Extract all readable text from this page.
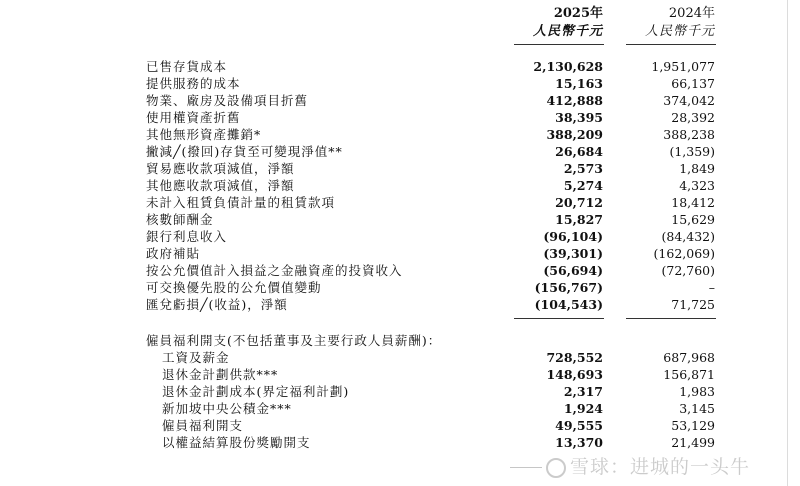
2025年	2024年
人民幣千元	人民幣千元
已售存貨成本	2,130,628	1,951,077
提供服務的成本	15,163	66,137
物業、廠房及設備項目折舊	412,888	374,042
使用權資產折舊	38,395	28,392
其他無形資產攤銷*	388,209	388,238
撇減╱(撥回)存貨至可變現淨值**	26,684	(1,359)
貿易應收款項減值，淨額	2,573	1,849
其他應收款項減值，淨額	5,274	4,323
未計入租賃負債計量的租賃款項	20,712	18,412
核數師酬金	15,827	15,629
銀行利息收入	(96,104)	(84,432)
政府補貼	(39,301)	(162,069)
按公允價值計入損益之金融資產的投資收入	(56,694)	(72,760)
可交換優先股的公允價值變動	(156,767)	–
匯兌虧損╱(收益)，淨額	(104,543)	71,725
僱員福利開支(不包括董事及主要行政人員薪酬)：
工資及薪金	728,552	687,968
退休金計劃供款***	148,693	156,871
退休金計劃成本(界定福利計劃)	2,317	1,983
新加坡中央公積金***	1,924	3,145
僱員福利開支	49,555	53,129
以權益結算股份獎勵開支	13,370	21,499
雪球：进城的一头牛
